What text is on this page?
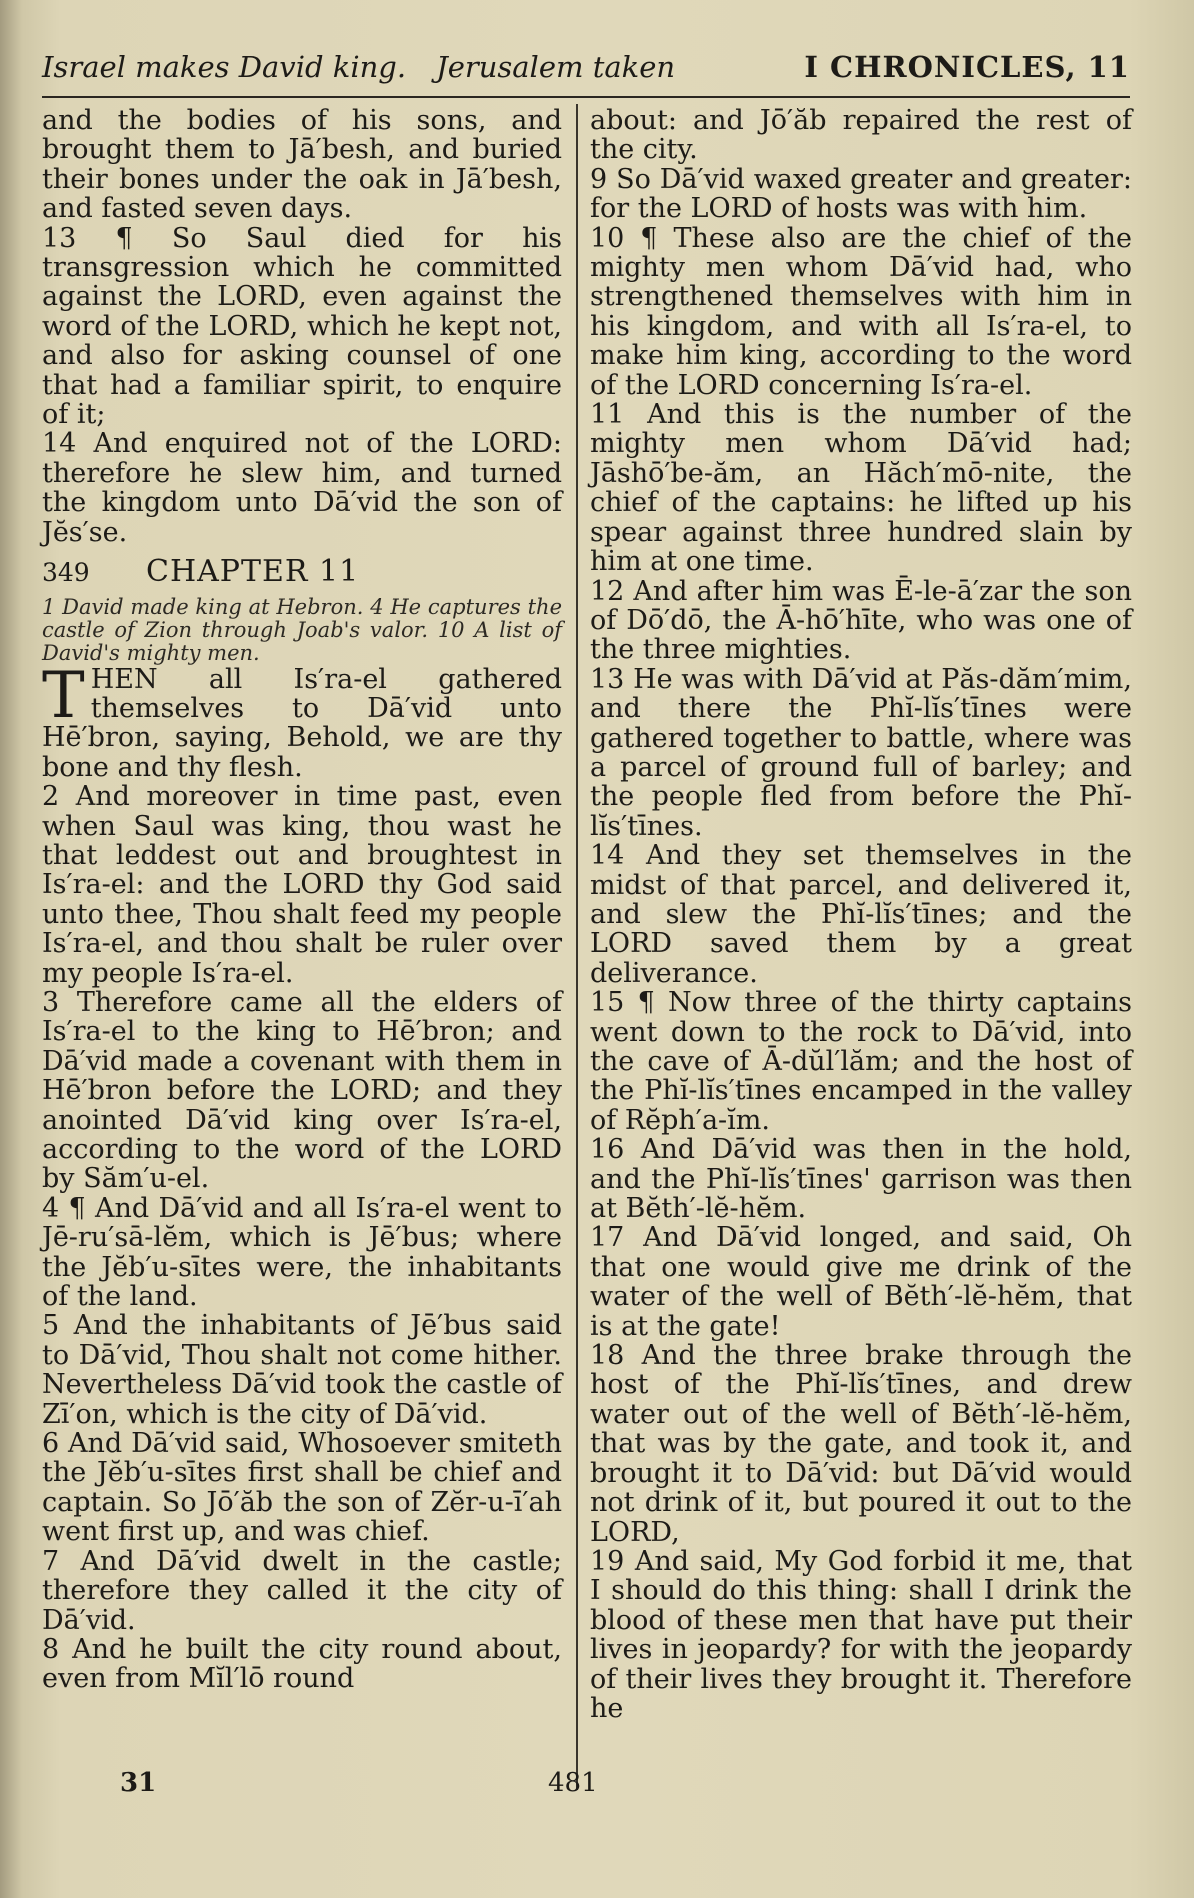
Israel makes David king. Jerusalem taken	I CHRONICLES, 11

and the bodies of his sons, and brought them to Jā′besh, and buried their bones under the oak in Jā′besh, and fasted seven days.

13 ¶ So Saul died for his transgression which he committed against the LORD, even against the word of the LORD, which he kept not, and also for asking counsel of one that had a familiar spirit, to enquire of it;

14 And enquired not of the LORD: therefore he slew him, and turned the kingdom unto Dā′vid the son of Jĕs′se.

349	CHAPTER 11

1 David made king at Hebron. 4 He captures the castle of Zion through Joab's valor. 10 A list of David's mighty men.

THEN all Is′ra-el gathered themselves to Dā′vid unto Hē′bron, saying, Behold, we are thy bone and thy flesh.

2 And moreover in time past, even when Saul was king, thou wast he that leddest out and broughtest in Is′ra-el: and the LORD thy God said unto thee, Thou shalt feed my people Is′ra-el, and thou shalt be ruler over my people Is′ra-el.

3 Therefore came all the elders of Is′ra-el to the king to Hē′bron; and Dā′vid made a covenant with them in Hē′bron before the LORD; and they anointed Dā′vid king over Is′ra-el, according to the word of the LORD by Săm′u-el.

4 ¶ And Dā′vid and all Is′ra-el went to Jē-ru′sā-lĕm, which is Jē′bus; where the Jĕb′u-sītes were, the inhabitants of the land.

5 And the inhabitants of Jē′bus said to Dā′vid, Thou shalt not come hither. Nevertheless Dā′vid took the castle of Zī′on, which is the city of Dā′vid.

6 And Dā′vid said, Whosoever smiteth the Jĕb′u-sītes first shall be chief and captain. So Jō′ăb the son of Zĕr-u-ī′ah went first up, and was chief.

7 And Dā′vid dwelt in the castle; therefore they called it the city of Dā′vid.

8 And he built the city round about, even from Mĭl′lō round

about: and Jō′ăb repaired the rest of the city.

9 So Dā′vid waxed greater and greater: for the LORD of hosts was with him.

10 ¶ These also are the chief of the mighty men whom Dā′vid had, who strengthened themselves with him in his kingdom, and with all Is′ra-el, to make him king, according to the word of the LORD concerning Is′ra-el.

11 And this is the number of the mighty men whom Dā′vid had; Jāshō′be-ăm, an Hăch′mō-nite, the chief of the captains: he lifted up his spear against three hundred slain by him at one time.

12 And after him was Ē-le-ā′zar the son of Dō′dō, the Ā-hō′hīte, who was one of the three mighties.

13 He was with Dā′vid at Păs-dăm′mim, and there the Phĭ-lĭs′tīnes were gathered together to battle, where was a parcel of ground full of barley; and the people fled from before the Phĭ-lĭs′tīnes.

14 And they set themselves in the midst of that parcel, and delivered it, and slew the Phĭ-lĭs′tīnes; and the LORD saved them by a great deliverance.

15 ¶ Now three of the thirty captains went down to the rock to Dā′vid, into the cave of Ā-dŭl′lăm; and the host of the Phĭ-lĭs′tīnes encamped in the valley of Rĕph′a-ĭm.

16 And Dā′vid was then in the hold, and the Phĭ-lĭs′tīnes' garrison was then at Bĕth′-lĕ-hĕm.

17 And Dā′vid longed, and said, Oh that one would give me drink of the water of the well of Bĕth′-lĕ-hĕm, that is at the gate!

18 And the three brake through the host of the Phĭ-lĭs′tīnes, and drew water out of the well of Bĕth′-lĕ-hĕm, that was by the gate, and took it, and brought it to Dā′vid: but Dā′vid would not drink of it, but poured it out to the LORD,

19 And said, My God forbid it me, that I should do this thing: shall I drink the blood of these men that have put their lives in jeopardy? for with the jeopardy of their lives they brought it. Therefore he

31	481
